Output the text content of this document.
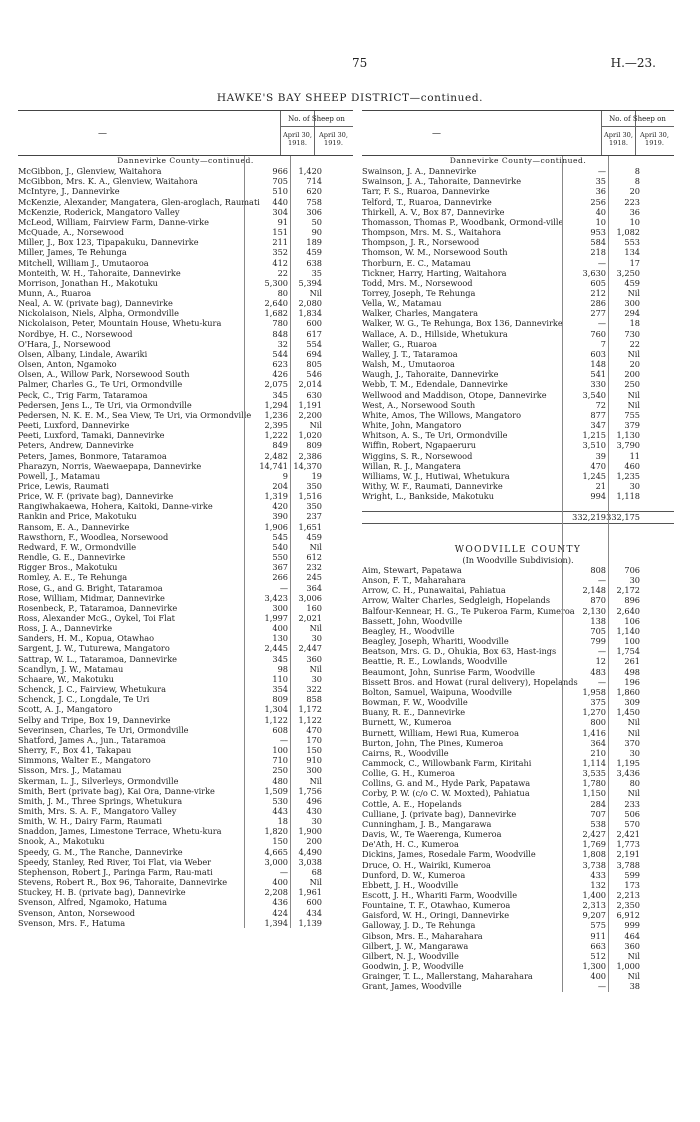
75	H.—23.
HAWKE'S BAY SHEEP DISTRICT—continued.
—
No. of Sheep on
April 30, 1918.
April 30, 1919.
Dannevirke County—continued.
McGibbon, J., Glenview, Waitahora	966	1,420
McGibbon, Mrs. K. A., Glenview, Waitahora	705	714
McIntyre, J., Dannevirke	510	620
McKenzie, Alexander, Mangatera, Glen-aroglach, Raumati	440	758
McKenzie, Roderick, Mangatoro Valley	304	306
McLeod, William, Fairview Farm, Danne-virke	91	50
McQuade, A., Norsewood	151	90
Miller, J., Box 123, Tipapakuku, Dannevirke	211	189
Miller, James, Te Rehunga	352	459
Mitchell, William J., Umutaoroa	412	638
Monteith, W. H., Tahoraite, Dannevirke	22	35
Morrison, Jonathan H., Makotuku	5,300	5,394
Munn, A., Ruaroa	80	Nil
Neal, A. W. (private bag), Dannevirke	2,640	2,080
Nickolaison, Niels, Alpha, Ormondville	1,682	1,834
Nickolaison, Peter, Mountain House, Whetu-kura	780	600
Nordbye, H. C., Norsewood	848	617
O'Hara, J., Norsewood	32	554
Olsen, Albany, Lindale, Awariki	544	694
Olsen, Anton, Ngamoko	623	805
Olsen, A., Willow Park, Norsewood South	426	546
Palmer, Charles G., Te Uri, Ormondville	2,075	2,014
Peck, C., Trig Farm, Tataramoa	345	630
Pedersen, Jens L., Te Uri, via Ormondville	1,294	1,191
Pedersen, N. K. E. M., Sea View, Te Uri, via Ormondville	1,236	2,200
Peeti, Luxford, Dannevirke	2,395	Nil
Peeti, Luxford, Tamaki, Dannevirke	1,222	1,020
Peters, Andrew, Dannevirke	849	809
Peters, James, Bonmore, Tataramoa	2,482	2,386
Pharazyn, Norris, Waewaepapa, Dannevirke	14,741 14,370
Powell, J., Matamau	9	19
Price, Lewis, Raumati	204	350
Price, W. F. (private bag), Dannevirke	1,319	1,516
Rangiwhakaewa, Hohera, Kaitoki, Danne-virke	420	350
Rankin and Price, Makotuku	390	237
Ransom, E. A., Dannevirke	1,906	1,651
Rawsthorn, F., Woodlea, Norsewood	545	459
Redward, F. W., Ormondville	540	Nil
Rendle, G. E., Dannevirke	550	612
Rigger Bros., Makotuku	367	232
Romley, A. E., Te Rehunga	266	245
Rose, G., and G. Bright, Tataramoa	—	364
Rose, William, Midmar, Dannevirke	3,423	3,006
Rosenbeck, P., Tataramoa, Dannevirke	300	160
Ross, Alexander McG., Oykel, Toi Flat	1,997	2,021
Ross, J. A., Dannevirke	400	Nil
Sanders, H. M., Kopua, Otawhao	130	30
Sargent, J. W., Tuturewa, Mangatoro	2,445	2,447
Sattrap, W. L., Tataramoa, Dannevirke	345	360
Scandlyn, J. W., Matamau	98	Nil
Schaare, W., Makotuku	110	30
Schenck, J. C., Fairview, Whetukura	354	322
Schenck, J. C., Longdale, Te Uri	809	858
Scott, A. J., Mangatoro	1,304	1,172
Selby and Tripe, Box 19, Dannevirke	1,122	1,122
Severinsen, Charles, Te Uri, Ormondville	608	470
Shatford, James A., jun., Tataramoa	—	170
Sherry, F., Box 41, Takapau	100	150
Simmons, Walter E., Mangatoro	710	910
Sisson, Mrs. J., Matamau	250	300
Skerman, L. J., Silverleys, Ormondville	480	Nil
Smith, Bert (private bag), Kai Ora, Danne-virke	1,509	1,756
Smith, J. M., Three Springs, Whetukura	530	496
Smith, Mrs. S. A. F., Mangatoro Valley	443	430
Smith, W. H., Dairy Farm, Raumati	18	30
Snaddon, James, Limestone Terrace, Whetu-kura	1,820	1,900
Snook, A., Makotuku	150	200
Speedy, G. M., The Ranche, Dannevirke	4,665	4,490
Speedy, Stanley, Red River, Toi Flat, via Weber	3,000	3,038
Stephenson, Robert J., Paringa Farm, Rau-mati	—	68
Stevens, Robert R., Box 96, Tahoraite, Dannevirke	400	Nil
Stuckey, H. B. (private bag), Dannevirke	2,208	1,961
Svenson, Alfred, Ngamoko, Hatuma	436	600
Svenson, Anton, Norsewood	424	434
Svenson, Mrs. F., Hatuma	1,394	1,139
—
No. of Sheep on
April 30, 1918.
April 30, 1919.
Dannevirke County—continued.
Swainson, J. A., Dannevirke	—	8
Swainson, J. A., Tahoraite, Dannevirke	35	8
Tarr, F. S., Ruaroa, Dannevirke	36	20
Telford, T., Ruaroa, Dannevirke	256	223
Thirkell, A. V., Box 87, Dannevirke	40	36
Thomasson, Thomas P., Woodbank, Ormond-ville	10	10
Thompson, Mrs. M. S., Waitahora	953	1,082
Thompson, J. R., Norsewood	584	553
Thomson, W. M., Norsewood South	218	134
Thorburn, E. C., Matamau	—	17
Tickner, Harry, Harting, Waitahora	3,630	3,250
Todd, Mrs. M., Norsewood	605	459
Torrey, Joseph, Te Rehunga	212	Nil
Vella, W., Matamau	286	300
Walker, Charles, Mangatera	277	294
Walker, W. G., Te Rehunga, Box 136, Dannevirke	—	18
Wallace, A. D., Hillside, Whetukura	760	730
Waller, G., Ruaroa	7	22
Walley, J. T., Tataramoa	603	Nil
Walsh, M., Umutaoroa	148	20
Waugh, J., Tahoraite, Dannevirke	541	200
Webb, T. M., Edendale, Dannevirke	330	250
Wellwood and Maddison, Otope, Dannevirke	3,540	Nil
West, A., Norsewood South	72	Nil
White, Amos, The Willows, Mangatoro	877	755
White, John, Mangatoro	347	379
Whitson, A. S., Te Uri, Ormondville	1,215	1,130
Wiffin, Robert, Ngapaeruru	3,510	3,790
Wiggins, S. R., Norsewood	39	11
Willan, R. J., Mangatera	470	460
Williams, W. J., Hutiwai, Whetukura	1,245	1,235
Withy, W. F., Raumati, Dannevirke	21	30
Wright, L., Bankside, Makotuku	994	1,118
332,219 332,175
WOODVILLE COUNTY
(In Woodville Subdivision).
Aim, Stewart, Papatawa	808	706
Anson, F. T., Maharahara	—	30
Arrow, C. H., Punawaitai, Pahiatua	2,148	2,172
Arrow, Walter Charles, Sedgleigh, Hopelands	870	896
Balfour-Kennear, H. G., Te Pukeroa Farm, Kumeroa 2,130	2,640
Bassett, John, Woodville	138	106
Beagley, H., Woodville	705	1,140
Beagley, Joseph, Whariti, Woodville	799	100
Beatson, Mrs. G. D., Ohukia, Box 63, Hast-ings	—	1,754
Beattie, R. E., Lowlands, Woodville	12	261
Beaumont, John, Sunrise Farm, Woodville	483	498
Bissett Bros. and Howat (rural delivery), Hopelands	—	196
Bolton, Samuel, Waipuna, Woodville	1,958	1,860
Bowman, F. W., Woodville	375	309
Buany, R. E., Dannevirke	1,270	1,450
Burnett, W., Kumeroa	800	Nil
Burnett, William, Hewi Rua, Kumeroa	1,416	Nil
Burton, John, The Pines, Kumeroa	364	370
Cairns, R., Woodville	210	30
Cammock, C., Willowbank Farm, Kiritahi	1,114	1,195
Collie, G. H., Kumeroa	3,535	3,436
Collins, G. and M., Hyde Park, Papatawa	1,780	80
Corby, P. W. (c/o C. W. Moxted), Pahiatua	1,150	Nil
Cottle, A. E., Hopelands	284	233
Culliane, J. (private bag), Dannevirke	707	506
Cunningham, J. B., Mangarawa	538	570
Davis, W., Te Waerenga, Kumeroa	2,427	2,421
De'Ath, H. C., Kumeroa	1,769	1,773
Dickins, James, Rosedale Farm, Woodville	1,808	2,191
Druce, O. H., Wairiki, Kumeroa	3,738	3,788
Dunford, D. W., Kumeroa	433	599
Ebbett, J. H., Woodville	132	173
Escott, J. H., Whariti Farm, Woodville	1,400	2,213
Fountaine, T. F., Otawhao, Kumeroa	2,313	2,350
Gaisford, W. H., Oringi, Dannevirke	9,207	6,912
Galloway, J. D., Te Rehunga	575	999
Gibson, Mrs. E., Maharahara	911	464
Gilbert, J. W., Mangarawa	663	360
Gilbert, N. J., Woodville	512	Nil
Goodwin, J. P., Woodville	1,300	1,000
Grainger, T. L., Mallerstang, Maharahara	400	Nil
Grant, James, Woodville	—	38
